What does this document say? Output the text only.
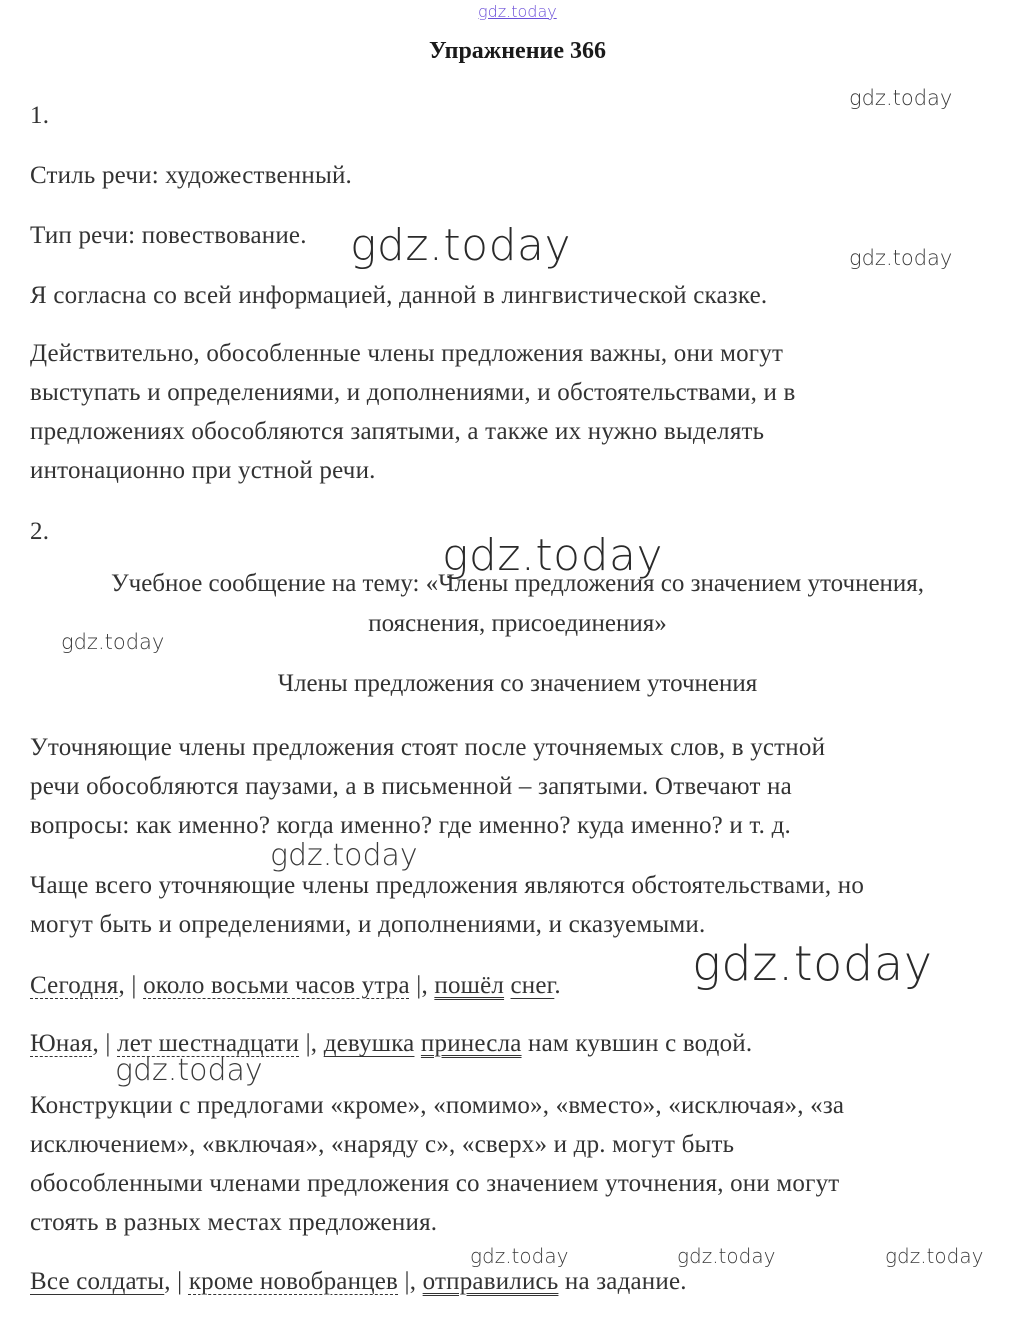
gdz.today
gdz.today
gdz.today	gdz.today
gdz.today
gdz.today
gdz.today
gdz.today
gdz.today
gdz.today	gdz.today	gdz.today
Упражнение 366
1.
Стиль речи: художественный.
Тип речи: повествование.
Я согласна со всей информацией, данной в лингвистической сказке.
Действительно, обособленные члены предложения важны, они могут
выступать и определениями, и дополнениями, и обстоятельствами, и в
предложениях обособляются запятыми, а также их нужно выделять
интонационно при устной речи.
2.
Учебное сообщение на тему: «Члены предложения со значением уточнения,
пояснения, присоединения»
Члены предложения со значением уточнения
Уточняющие члены предложения стоят после уточняемых слов, в устной
речи обособляются паузами, а в письменной – запятыми. Отвечают на
вопросы: как именно? когда именно? где именно? куда именно? и т. д.
Чаще всего уточняющие члены предложения являются обстоятельствами, но
могут быть и определениями, и дополнениями, и сказуемыми.
Сегодня, | около восьми часов утра |, пошёл снег.
Юная, | лет шестнадцати |, девушка принесла нам кувшин с водой.
Конструкции с предлогами «кроме», «помимо», «вместо», «исключая», «за
исключением», «включая», «наряду с», «сверх» и др. могут быть
обособленными членами предложения со значением уточнения, они могут
стоять в разных местах предложения.
Все солдаты, | кроме новобранцев |, отправились на задание.
